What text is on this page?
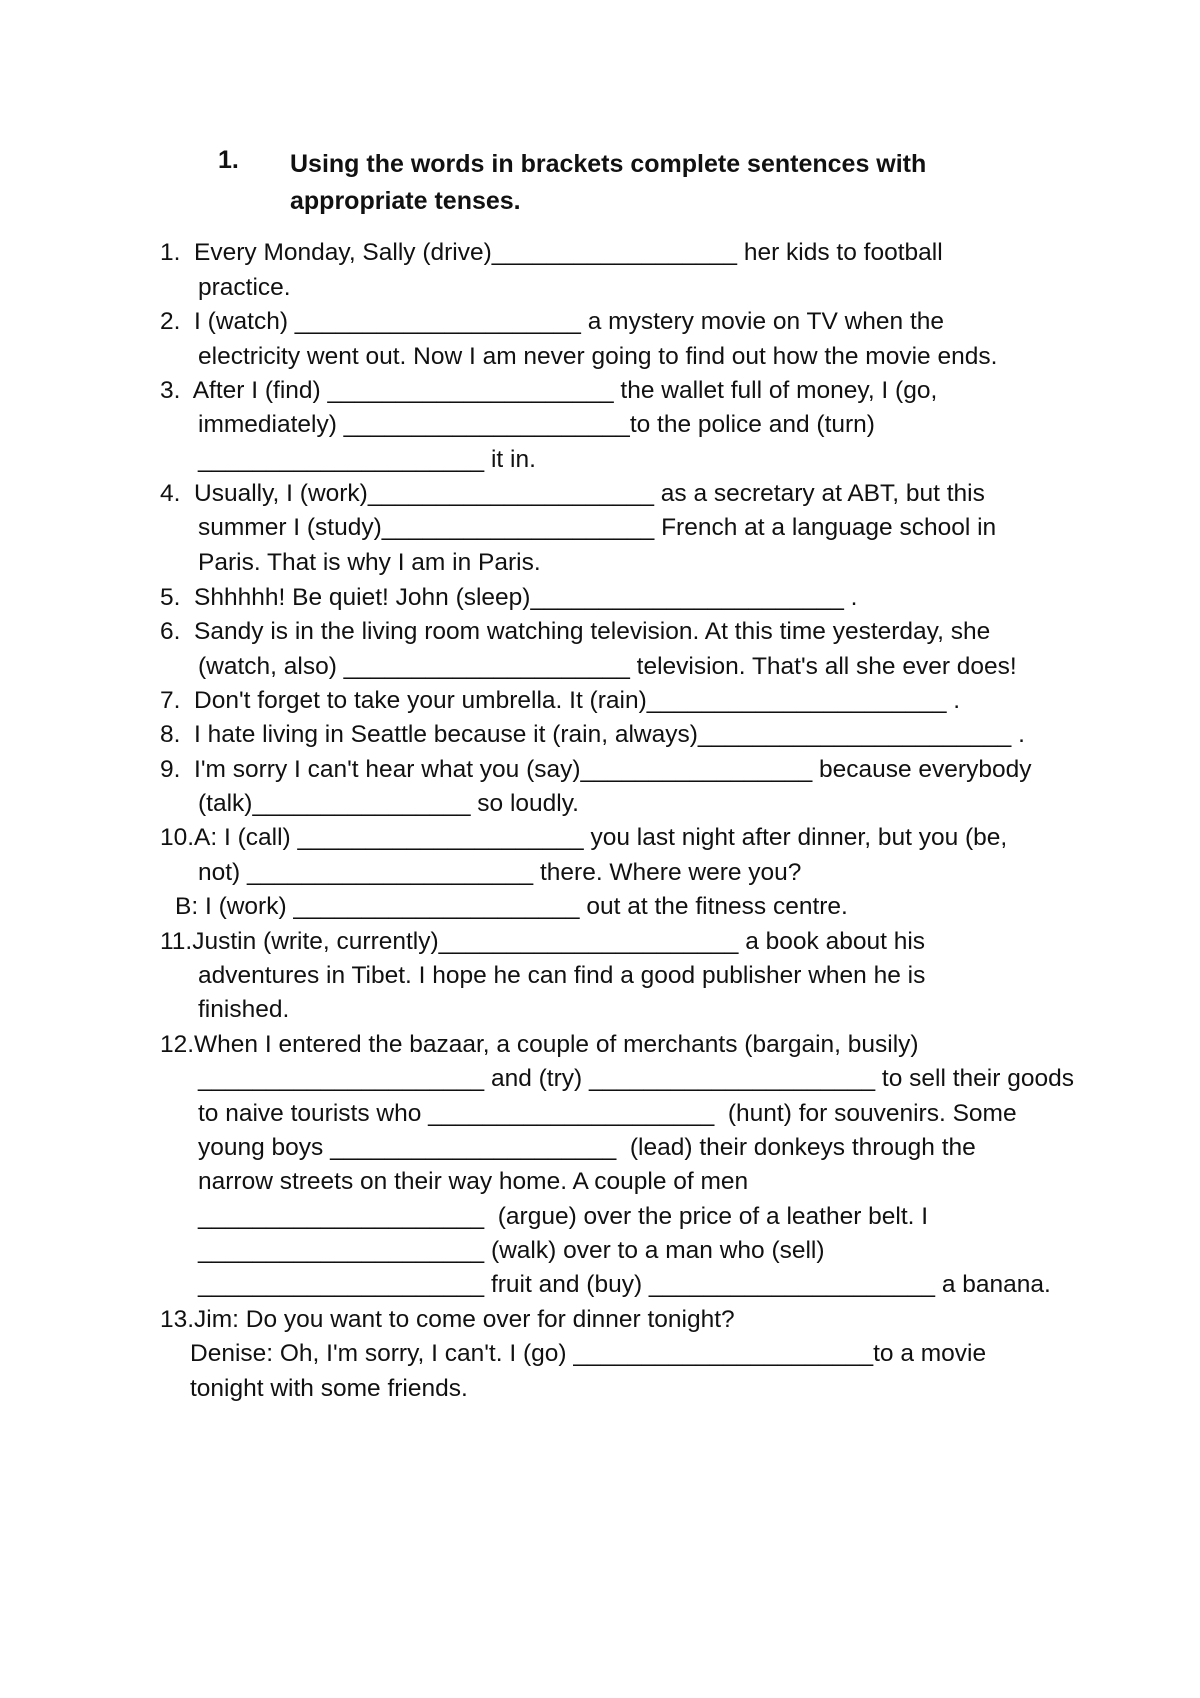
1. Using the words in brackets complete sentences with appropriate tenses.
1.  Every Monday, Sally (drive)__________________ her kids to football
practice.
2.  I (watch) _____________________ a mystery movie on TV when the
electricity went out. Now I am never going to find out how the movie ends.
3.  After I (find) _____________________ the wallet full of money, I (go,
immediately) _____________________to the police and (turn)
_____________________ it in.
4.  Usually, I (work)_____________________ as a secretary at ABT, but this
summer I (study)____________________ French at a language school in
Paris. That is why I am in Paris.
5.  Shhhhh! Be quiet! John (sleep)_______________________ .
6.  Sandy is in the living room watching television. At this time yesterday, she
(watch, also) _____________________ television. That's all she ever does!
7.  Don't forget to take your umbrella. It (rain)______________________ .
8.  I hate living in Seattle because it (rain, always)_______________________ .
9.  I'm sorry I can't hear what you (say)_________________ because everybody
(talk)________________ so loudly.
10.A: I (call) _____________________ you last night after dinner, but you (be,
not) _____________________ there. Where were you?
B: I (work) _____________________ out at the fitness centre.
11.Justin (write, currently)______________________ a book about his
adventures in Tibet. I hope he can find a good publisher when he is
finished.
12.When I entered the bazaar, a couple of merchants (bargain, busily)
_____________________ and (try) _____________________ to sell their goods
to naive tourists who _____________________  (hunt) for souvenirs. Some
young boys _____________________  (lead) their donkeys through the
narrow streets on their way home. A couple of men
_____________________  (argue) over the price of a leather belt. I
_____________________ (walk) over to a man who (sell)
_____________________ fruit and (buy) _____________________ a banana.
13.Jim: Do you want to come over for dinner tonight?
Denise: Oh, I'm sorry, I can't. I (go) ______________________to a movie
tonight with some friends.
